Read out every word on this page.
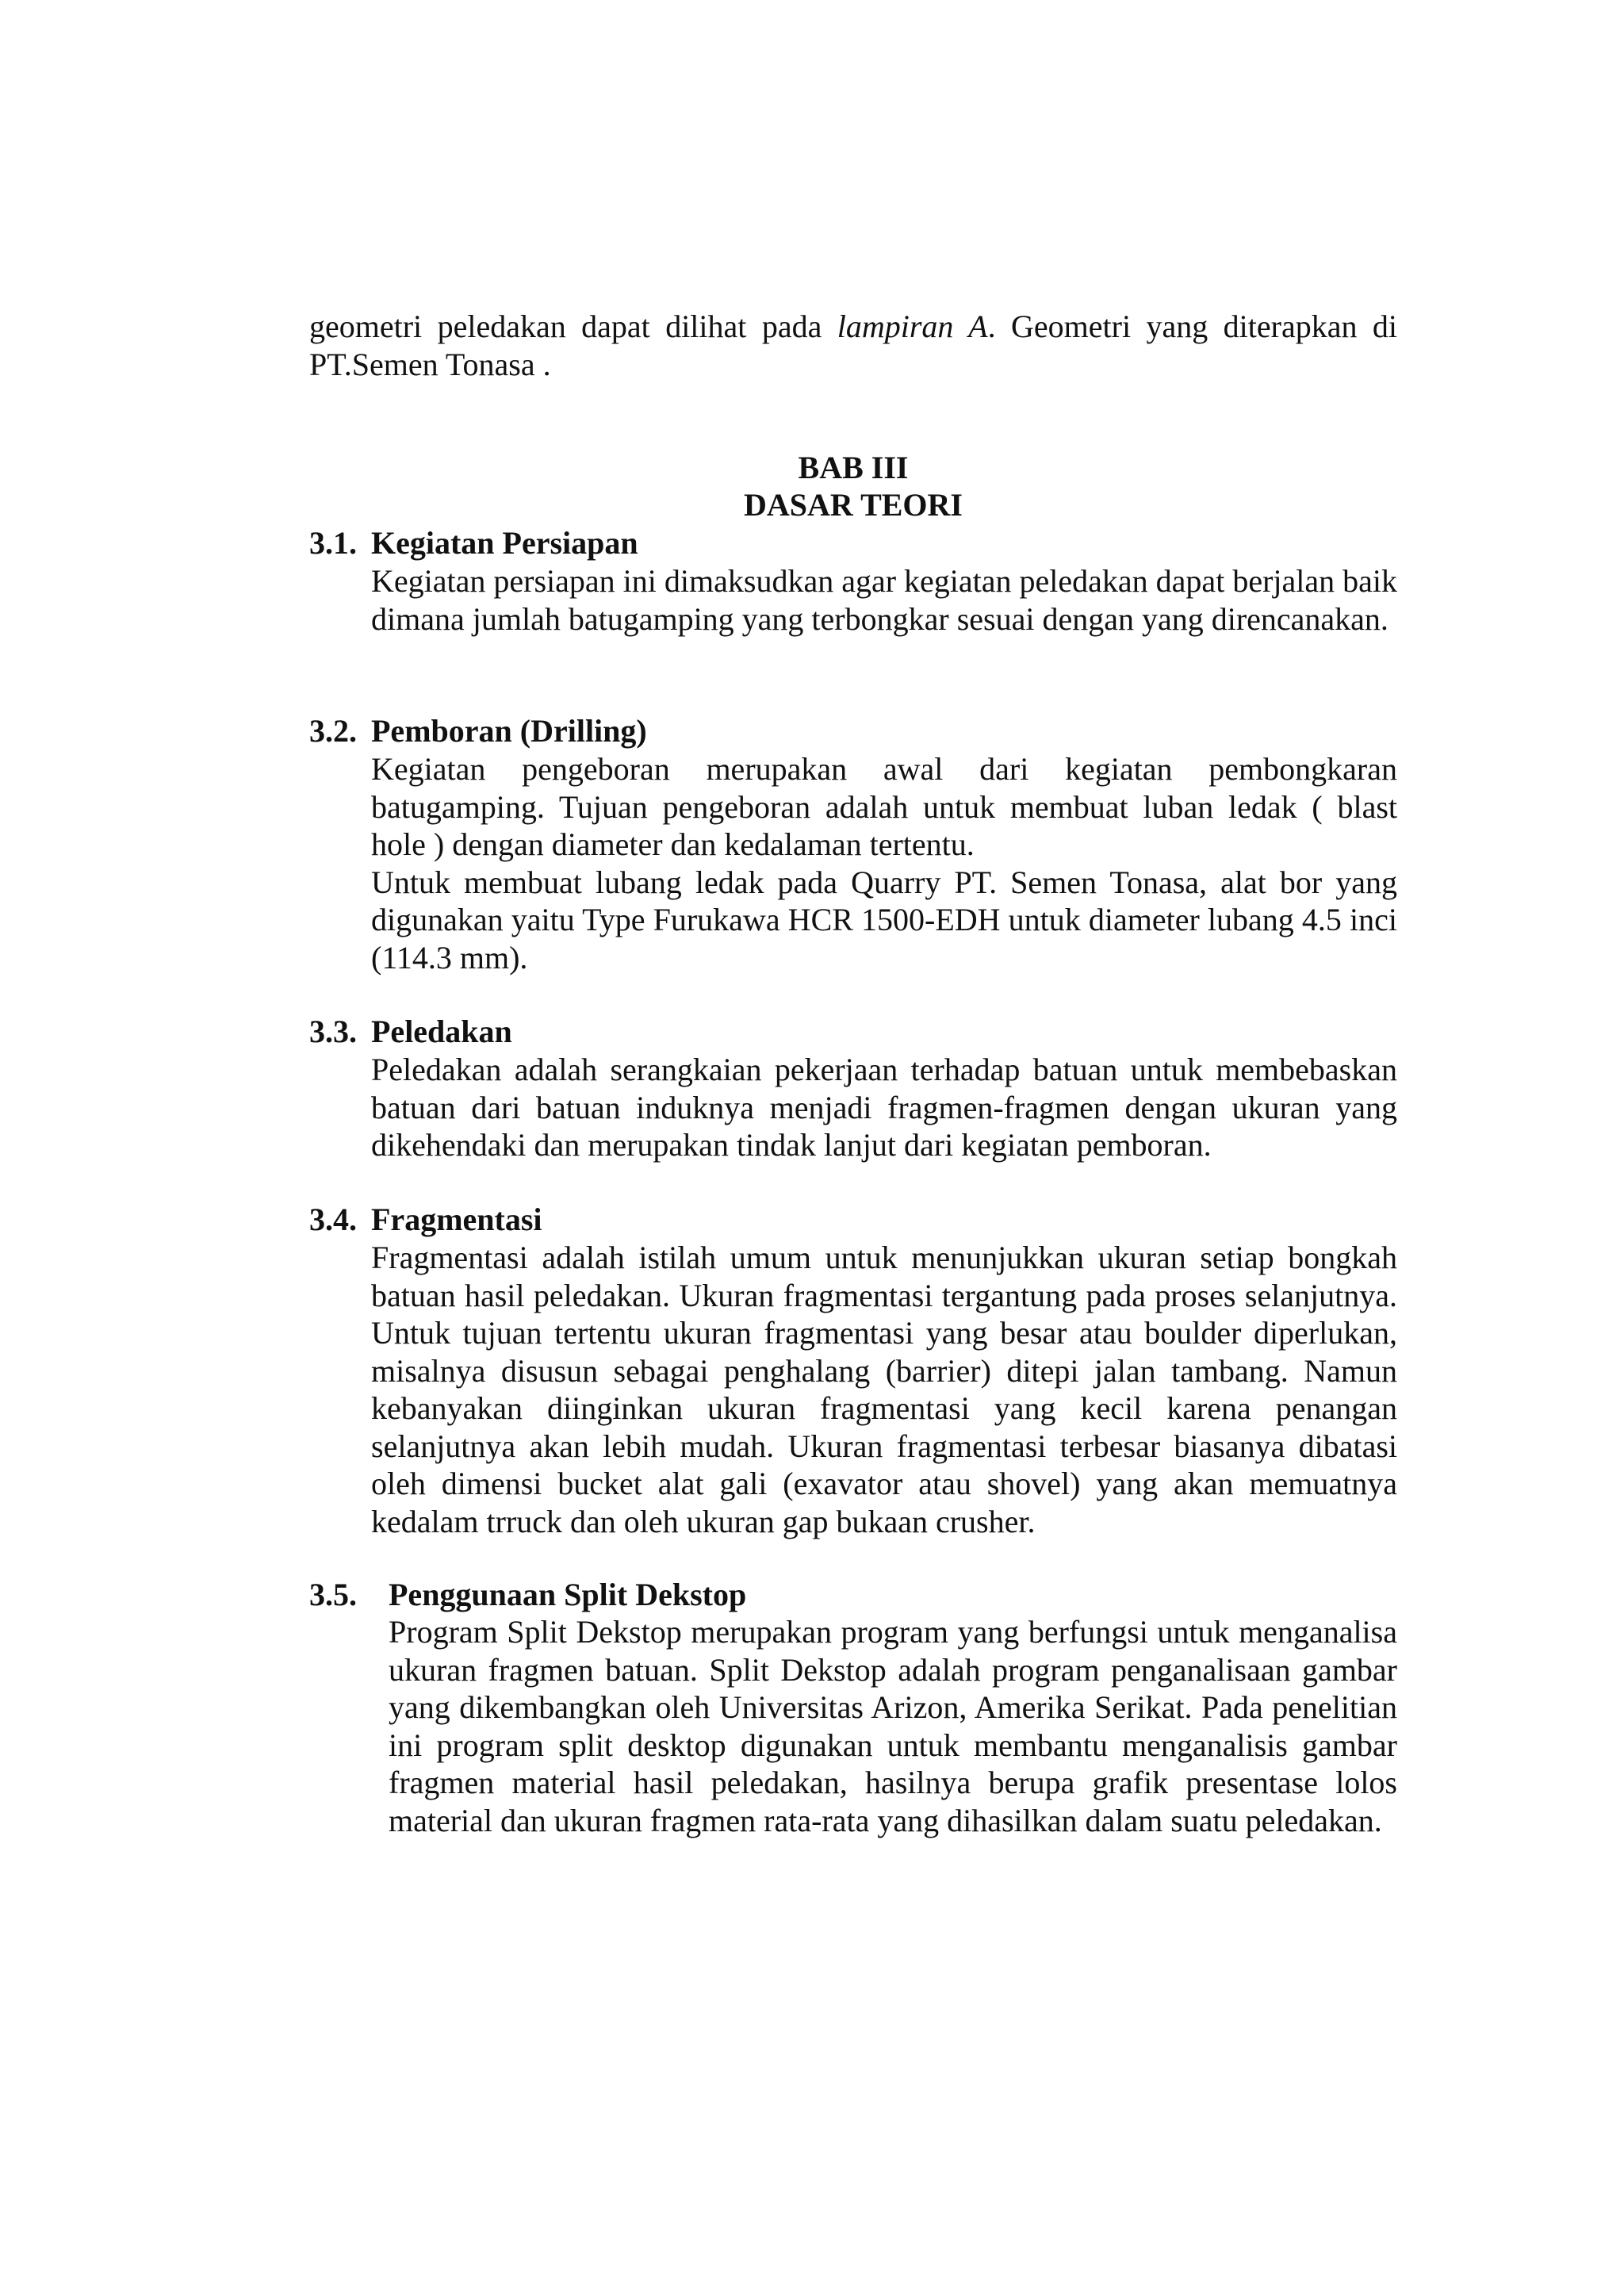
geometri peledakan dapat dilihat pada lampiran A. Geometri yang diterapkan di PT.Semen Tonasa .

BAB III
DASAR TEORI
3.1. Kegiatan Persiapan

Kegiatan persiapan ini dimaksudkan agar kegiatan peledakan dapat berjalan baik dimana jumlah batugamping yang terbongkar sesuai dengan yang direncanakan.

3.2. Pemboran (Drilling)

Kegiatan pengeboran merupakan awal dari kegiatan pembongkaran batugamping. Tujuan pengeboran adalah untuk membuat luban ledak ( blast hole ) dengan diameter dan kedalaman tertentu.

Untuk membuat lubang ledak pada Quarry PT. Semen Tonasa, alat bor yang digunakan yaitu Type Furukawa HCR 1500-EDH untuk diameter lubang 4.5 inci (114.3 mm).

3.3. Peledakan

Peledakan adalah serangkaian pekerjaan terhadap batuan untuk membebaskan batuan dari batuan induknya menjadi fragmen-fragmen dengan ukuran yang dikehendaki dan merupakan tindak lanjut dari kegiatan pemboran.

3.4. Fragmentasi

Fragmentasi adalah istilah umum untuk menunjukkan ukuran setiap bongkah batuan hasil peledakan. Ukuran fragmentasi tergantung pada proses selanjutnya. Untuk tujuan tertentu ukuran fragmentasi yang besar atau boulder diperlukan, misalnya disusun sebagai penghalang (barrier) ditepi jalan tambang. Namun kebanyakan diinginkan ukuran fragmentasi yang kecil karena penangan selanjutnya akan lebih mudah. Ukuran fragmentasi terbesar biasanya dibatasi oleh dimensi bucket alat gali (exavator atau shovel) yang akan memuatnya kedalam trruck dan oleh ukuran gap bukaan crusher.

3.5. Penggunaan Split Dekstop

Program Split Dekstop merupakan program yang berfungsi untuk menganalisa ukuran fragmen batuan. Split Dekstop adalah program penganalisaan gambar yang dikembangkan oleh Universitas Arizon, Amerika Serikat. Pada penelitian ini program split desktop digunakan untuk membantu menganalisis gambar fragmen material hasil peledakan, hasilnya berupa grafik presentase lolos material dan ukuran fragmen rata-rata yang dihasilkan dalam suatu peledakan.
